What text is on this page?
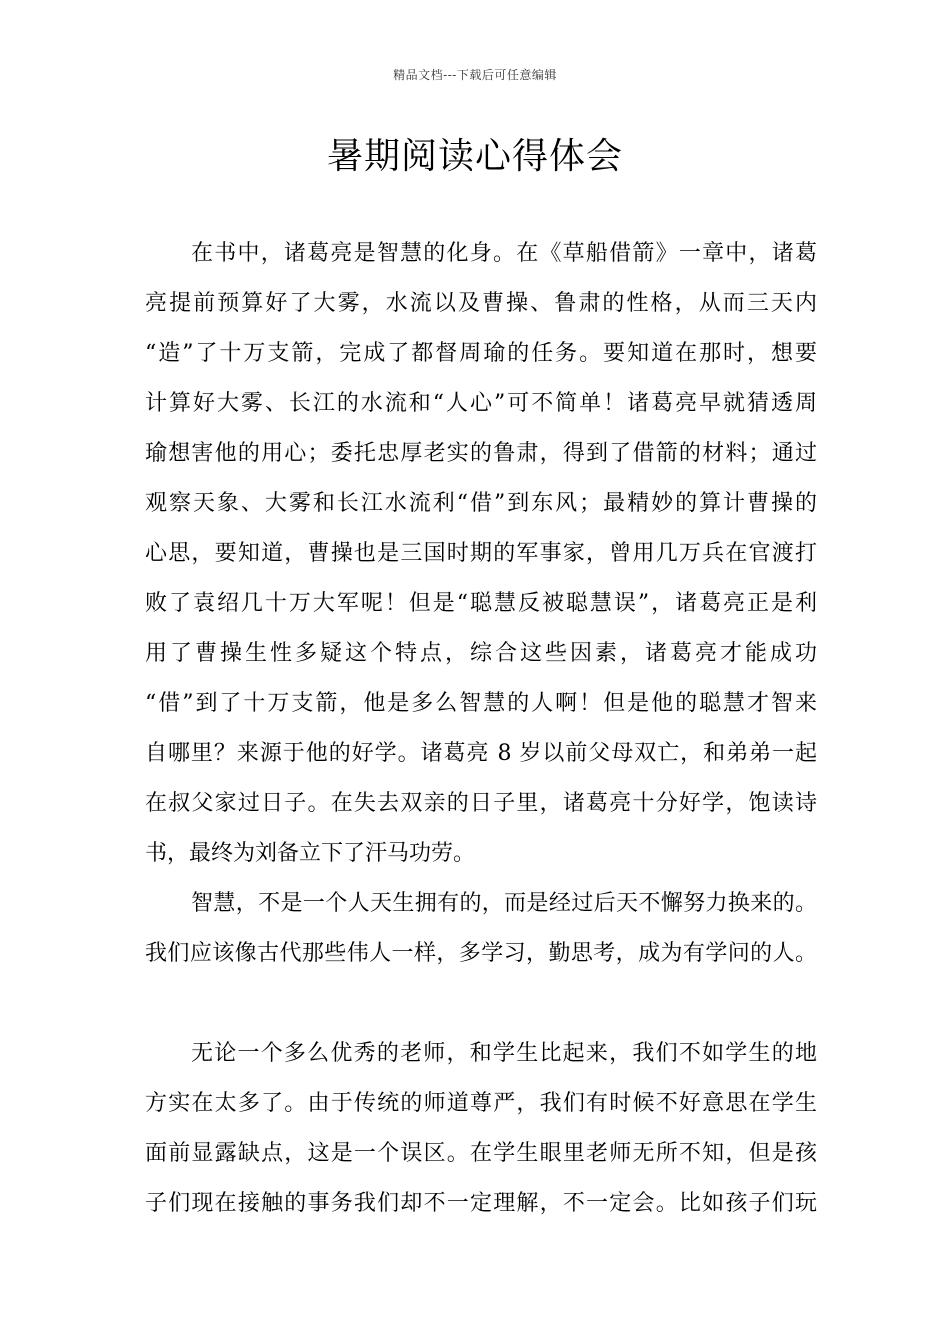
精品文档---下载后可任意编辑
暑期阅读心得体会
在书中，诸葛亮是智慧的化身。在《草船借箭》一章中，诸葛
亮提前预算好了大雾，水流以及曹操、鲁肃的性格，从而三天内
“造”了十万支箭，完成了都督周瑜的任务。要知道在那时，想要
计算好大雾、长江的水流和“人心”可不简单！诸葛亮早就猜透周
瑜想害他的用心；委托忠厚老实的鲁肃，得到了借箭的材料；通过
观察天象、大雾和长江水流利“借”到东风；最精妙的算计曹操的
心思，要知道，曹操也是三国时期的军事家，曾用几万兵在官渡打
败了袁绍几十万大军呢！但是“聪慧反被聪慧误”，诸葛亮正是利
用了曹操生性多疑这个特点，综合这些因素，诸葛亮才能成功
“借”到了十万支箭，他是多么智慧的人啊！但是他的聪慧才智来
自哪里？来源于他的好学。诸葛亮 8 岁以前父母双亡，和弟弟一起
在叔父家过日子。在失去双亲的日子里，诸葛亮十分好学，饱读诗
书，最终为刘备立下了汗马功劳。
智慧，不是一个人天生拥有的，而是经过后天不懈努力换来的。
我们应该像古代那些伟人一样，多学习，勤思考，成为有学问的人。
无论一个多么优秀的老师，和学生比起来，我们不如学生的地
方实在太多了。由于传统的师道尊严，我们有时候不好意思在学生
面前显露缺点，这是一个误区。在学生眼里老师无所不知，但是孩
子们现在接触的事务我们却不一定理解，不一定会。比如孩子们玩
